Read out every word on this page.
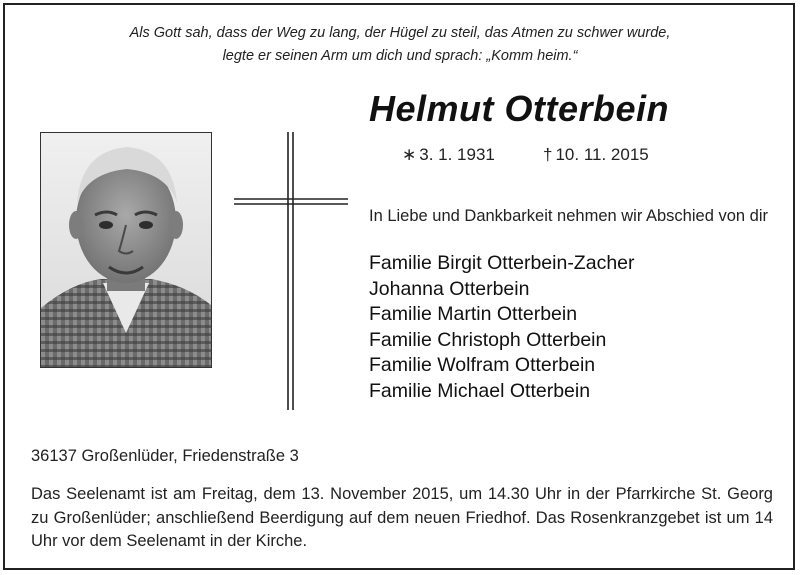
Als Gott sah, dass der Weg zu lang, der Hügel zu steil, das Atmen zu schwer wurde,
legte er seinen Arm um dich und sprach: „Komm heim.“
Helmut Otterbein
∗ 3. 1. 1931	† 10. 11. 2015
In Liebe und Dankbarkeit nehmen wir Abschied von dir
Familie Birgit Otterbein-Zacher
Johanna Otterbein
Familie Martin Otterbein
Familie Christoph Otterbein
Familie Wolfram Otterbein
Familie Michael Otterbein
36137 Großenlüder, Friedenstraße 3
Das Seelenamt ist am Freitag, dem 13. November 2015, um 14.30 Uhr in der Pfarrkirche St. Georg zu Großenlüder; anschließend Beerdigung auf dem neuen Friedhof. Das Rosenkranzgebet ist um 14 Uhr vor dem Seelenamt in der Kirche.
